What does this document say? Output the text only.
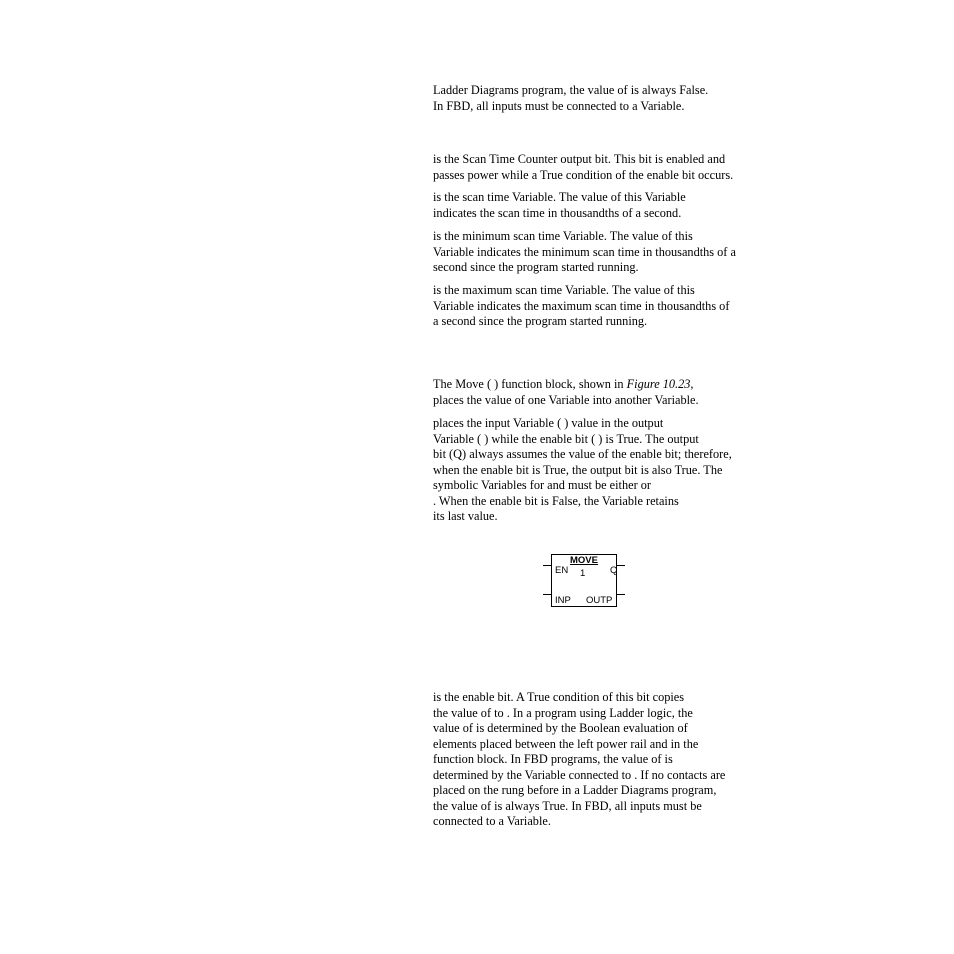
Ladder Diagrams program, the value of is always False.
In FBD, all inputs must be connected to a Variable.
is the Scan Time Counter output bit. This bit is enabled and
passes power while a True condition of the enable bit occurs.
is the scan time Variable. The value of this Variable
indicates the scan time in thousandths of a second.
is the minimum scan time Variable. The value of this
Variable indicates the minimum scan time in thousandths of a
second since the program started running.
is the maximum scan time Variable. The value of this
Variable indicates the maximum scan time in thousandths of
a second since the program started running.
The Move ( ) function block, shown in Figure 10.23,
places the value of one Variable into another Variable.
places the input Variable ( ) value in the output
Variable ( ) while the enable bit ( ) is True. The output
bit (Q) always assumes the value of the enable bit; therefore,
when the enable bit is True, the output bit is also True. The
symbolic Variables for and must be either or
. When the enable bit is False, the Variable retains
its last value.
MOVE
EN 1	Q
INP OUTP
is the enable bit. A True condition of this bit copies
the value of to . In a program using Ladder logic, the
value of is determined by the Boolean evaluation of
elements placed between the left power rail and in the
function block. In FBD programs, the value of is
determined by the Variable connected to . If no contacts are
placed on the rung before in a Ladder Diagrams program,
the value of is always True. In FBD, all inputs must be
connected to a Variable.
